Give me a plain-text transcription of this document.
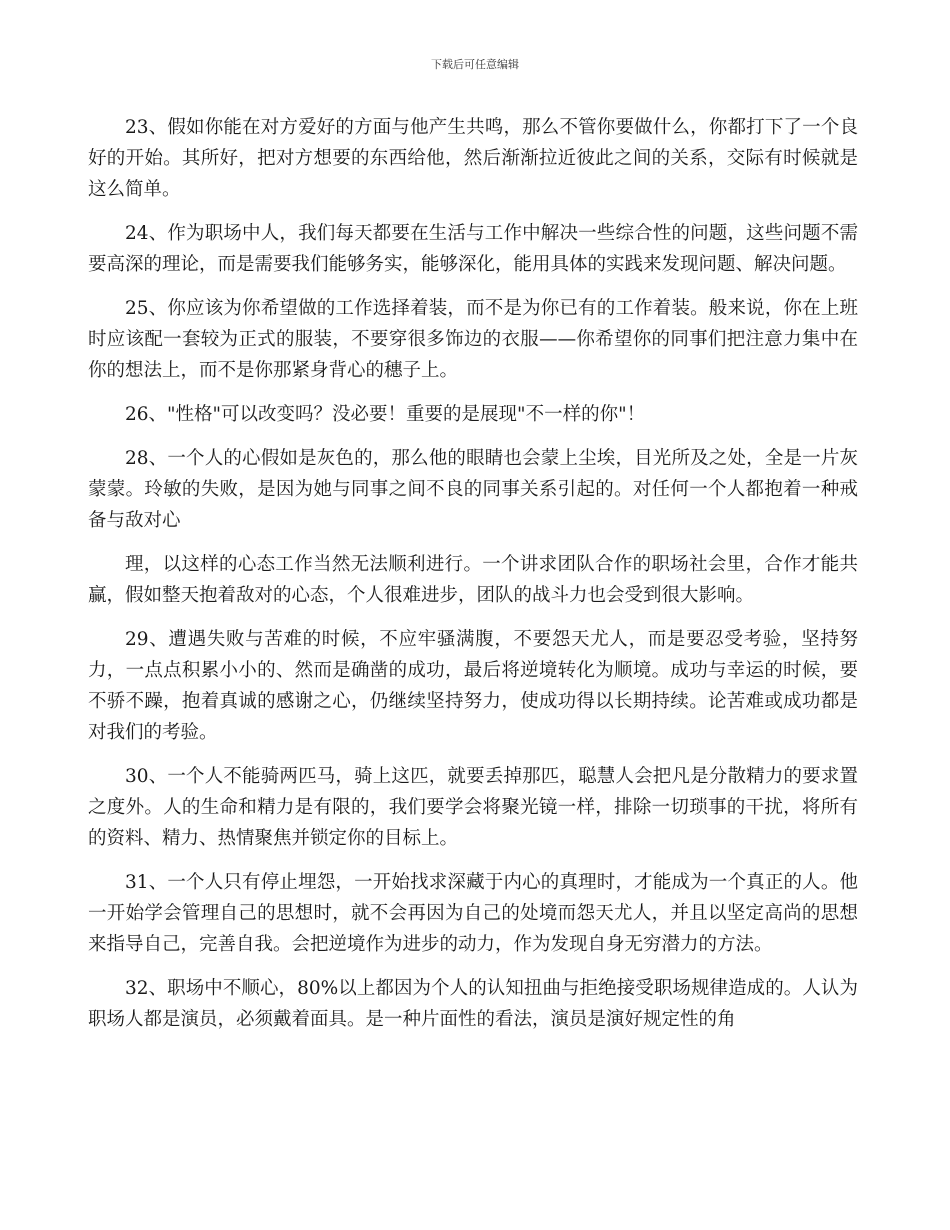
下载后可任意编辑

23、假如你能在对方爱好的方面与他产生共鸣，那么不管你要做什么，你都打下了一个良好的开始。其所好，把对方想要的东西给他，然后渐渐拉近彼此之间的关系，交际有时候就是这么简单。

24、作为职场中人，我们每天都要在生活与工作中解决一些综合性的问题，这些问题不需要高深的理论，而是需要我们能够务实，能够深化，能用具体的实践来发现问题、解决问题。

25、你应该为你希望做的工作选择着装，而不是为你已有的工作着装。般来说，你在上班时应该配一套较为正式的服装，不要穿很多饰边的衣服——你希望你的同事们把注意力集中在你的想法上，而不是你那紧身背心的穗子上。

26、"性格"可以改变吗？没必要！重要的是展现"不一样的你"！

28、一个人的心假如是灰色的，那么他的眼睛也会蒙上尘埃，目光所及之处，全是一片灰蒙蒙。玲敏的失败，是因为她与同事之间不良的同事关系引起的。对任何一个人都抱着一种戒备与敌对心

理，以这样的心态工作当然无法顺利进行。一个讲求团队合作的职场社会里，合作才能共赢，假如整天抱着敌对的心态，个人很难进步，团队的战斗力也会受到很大影响。

29、遭遇失败与苦难的时候，不应牢骚满腹，不要怨天尤人，而是要忍受考验，坚持努力，一点点积累小小的、然而是确凿的成功，最后将逆境转化为顺境。成功与幸运的时候，要不骄不躁，抱着真诚的感谢之心，仍继续坚持努力，使成功得以长期持续。论苦难或成功都是对我们的考验。

30、一个人不能骑两匹马，骑上这匹，就要丢掉那匹，聪慧人会把凡是分散精力的要求置之度外。人的生命和精力是有限的，我们要学会将聚光镜一样，排除一切琐事的干扰，将所有的资料、精力、热情聚焦并锁定你的目标上。

31、一个人只有停止埋怨，一开始找求深藏于内心的真理时，才能成为一个真正的人。他一开始学会管理自己的思想时，就不会再因为自己的处境而怨天尤人，并且以坚定高尚的思想来指导自己，完善自我。会把逆境作为进步的动力，作为发现自身无穷潜力的方法。

32、职场中不顺心，80%以上都因为个人的认知扭曲与拒绝接受职场规律造成的。人认为职场人都是演员，必须戴着面具。是一种片面性的看法，演员是演好规定性的角
